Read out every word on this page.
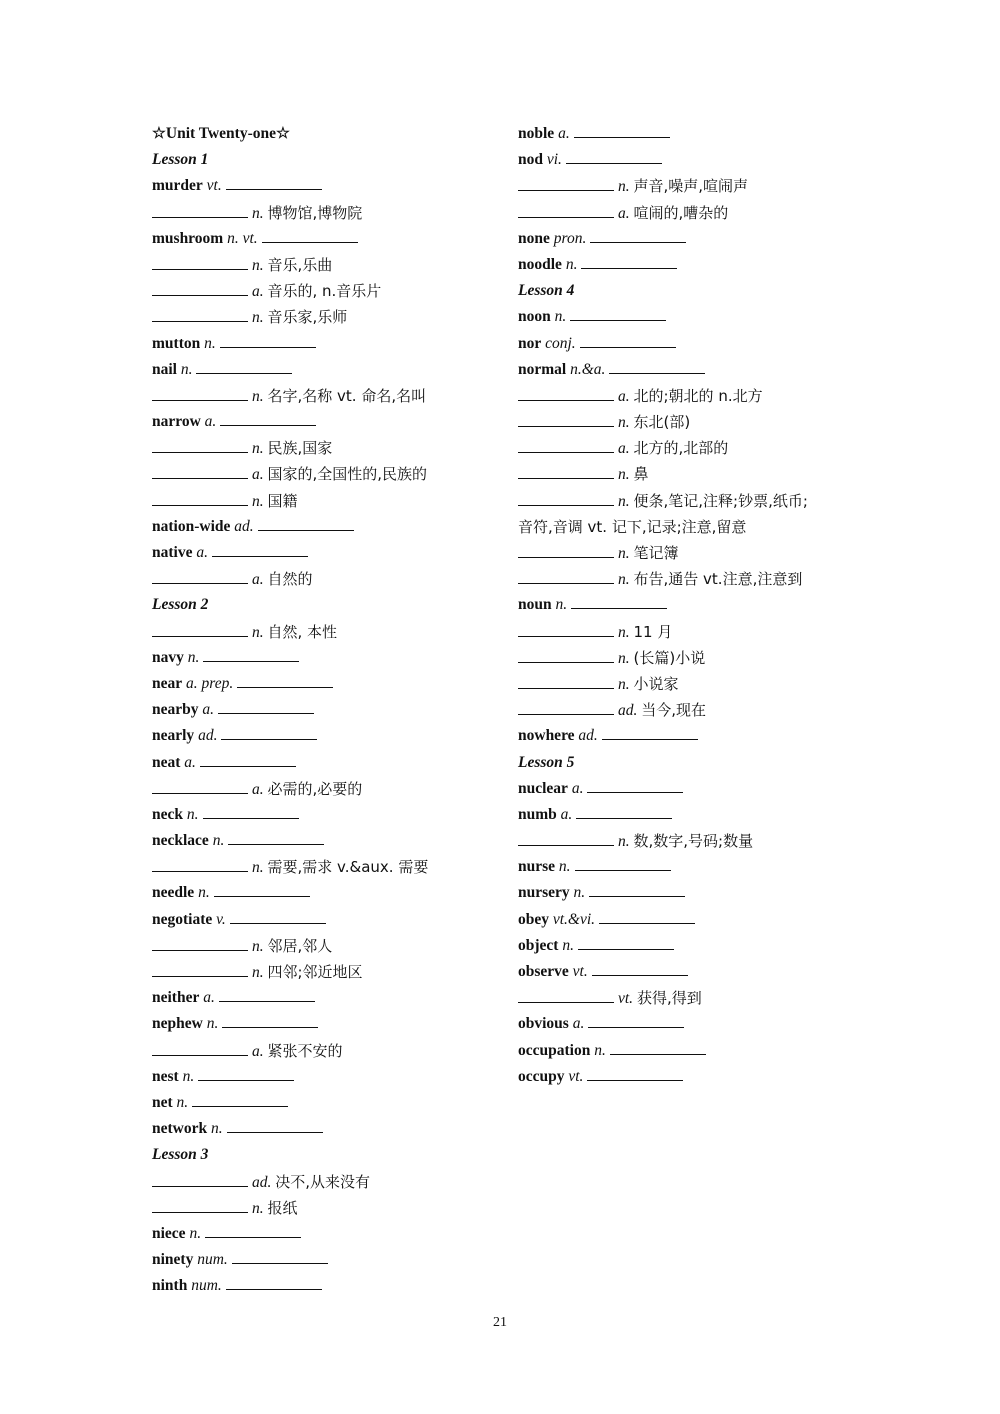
☆Unit Twenty-one☆
Lesson 1
murder vt.
n. 博物馆,博物院
mushroom n. vt.
n. 音乐,乐曲
a. 音乐的, n.音乐片
n. 音乐家,乐师
mutton n.
nail n.
n. 名字,名称 vt. 命名,名叫
narrow a.
n. 民族,国家
a. 国家的,全国性的,民族的
n. 国籍
nation-wide ad.
native a.
a. 自然的
Lesson 2
n. 自然, 本性
navy n.
near a. prep.
nearby a.
nearly ad.
neat a.
a. 必需的,必要的
neck n.
necklace n.
n. 需要,需求 v.&aux. 需要
needle n.
negotiate v.
n. 邻居,邻人
n. 四邻;邻近地区
neither a.
nephew n.
a. 紧张不安的
nest n.
net n.
network n.
Lesson 3
ad. 决不,从来没有
n. 报纸
niece n.
ninety num.
ninth num.
noble a.
nod vi.
n. 声音,噪声,喧闹声
a. 喧闹的,嘈杂的
none pron.
noodle n.
Lesson 4
noon n.
nor conj.
normal n.&a.
a. 北的;朝北的 n.北方
n. 东北(部)
a. 北方的,北部的
n. 鼻
n. 便条,笔记,注释;钞票,纸币;
音符,音调 vt. 记下,记录;注意,留意
n. 笔记簿
n. 布告,通告 vt.注意,注意到
noun n.
n. 11 月
n. (长篇)小说
n. 小说家
ad. 当今,现在
nowhere ad.
Lesson 5
nuclear a.
numb a.
n. 数,数字,号码;数量
nurse n.
nursery n.
obey vt.&vi.
object n.
observe vt.
vt. 获得,得到
obvious a.
occupation n.
occupy vt.
21
